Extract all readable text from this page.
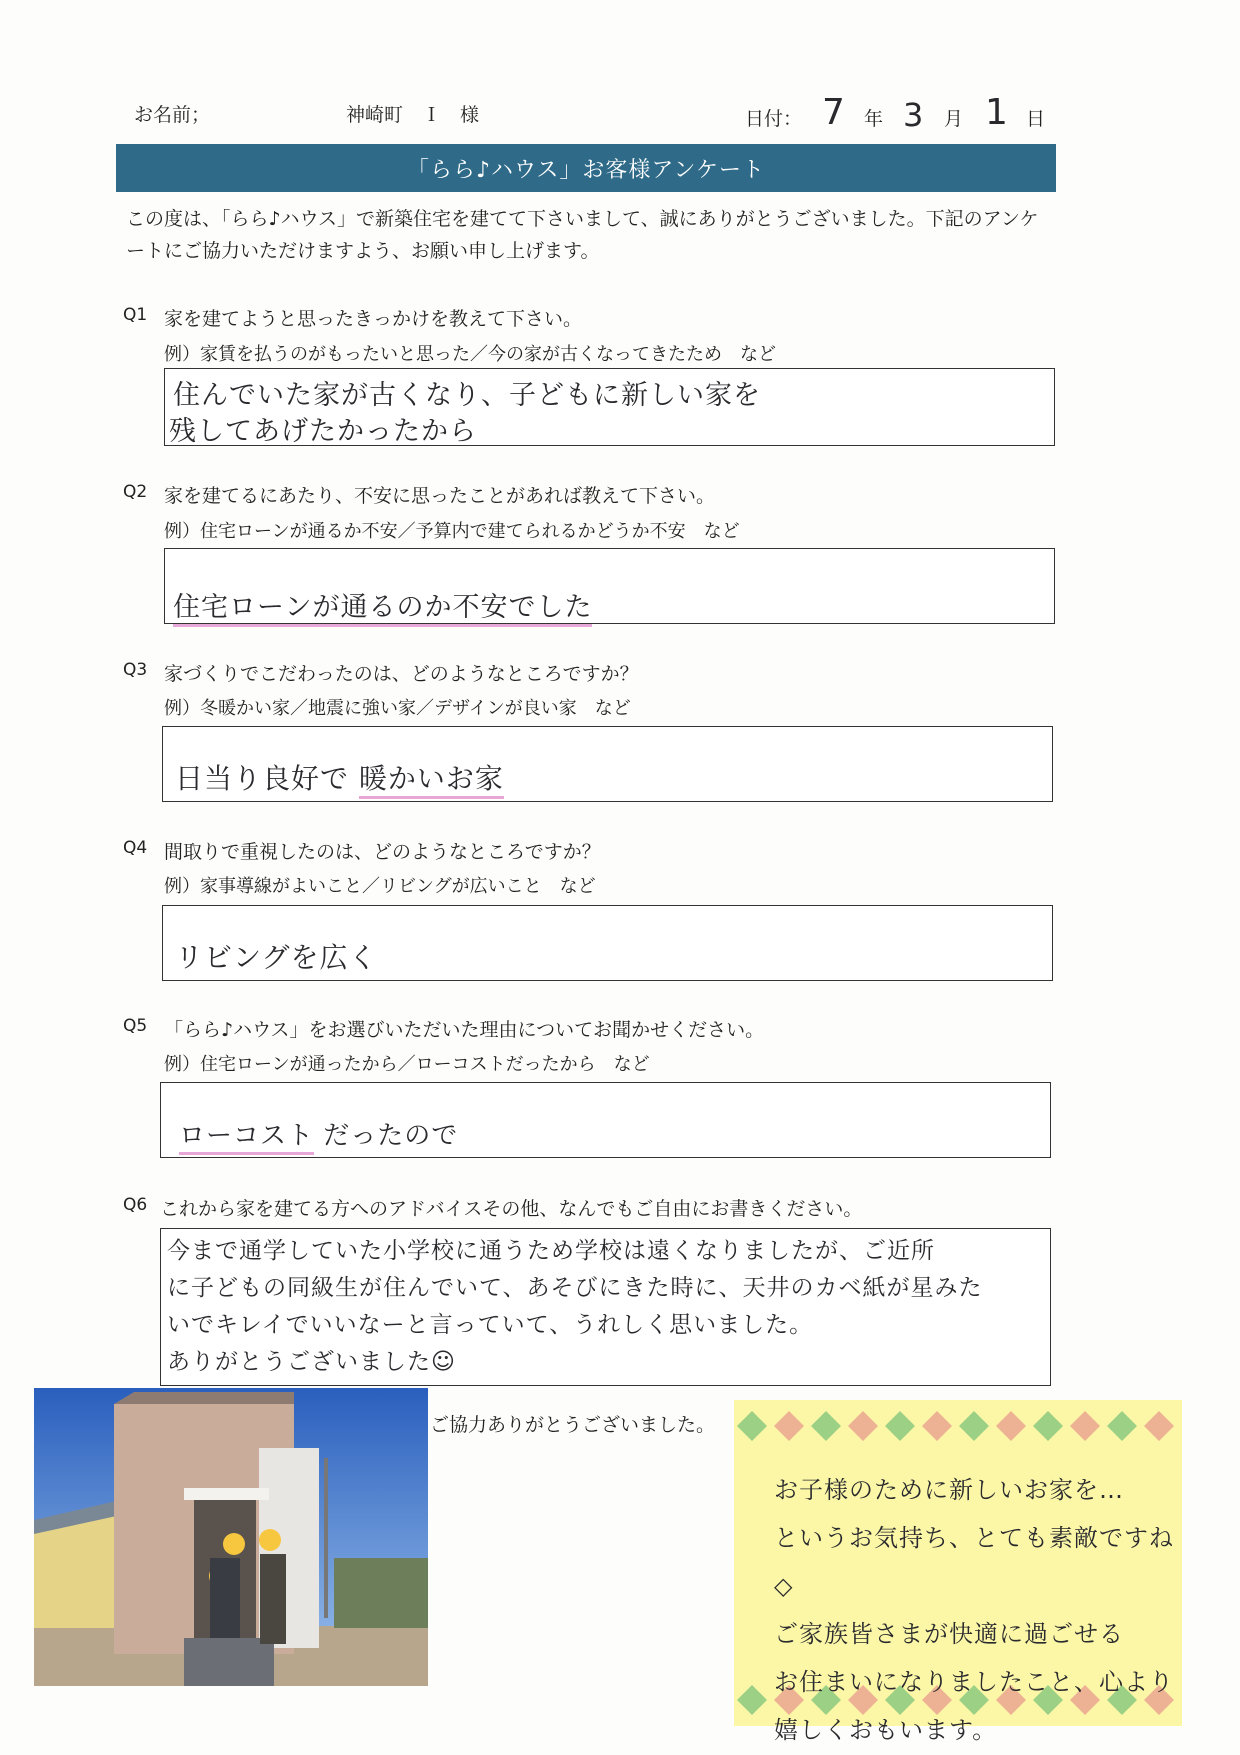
お名前；	神崎町　Ｉ　様	日付： 7 年 3 月 1 日
「らら♪ハウス」お客様アンケート
この度は、「らら♪ハウス」で新築住宅を建てて下さいまして、誠にありがとうございました。下記のアンケートにご協力いただけますよう、お願い申し上げます。
Q1 家を建てようと思ったきっかけを教えて下さい。
例）家賃を払うのがもったいと思った／今の家が古くなってきたため　など
住んでいた家が古くなり、子どもに新しい家を
残してあげたかったから
Q2 家を建てるにあたり、不安に思ったことがあれば教えて下さい。
例）住宅ローンが通るか不安／予算内で建てられるかどうか不安　など
住宅ローンが通るのか不安でした
Q3 家づくりでこだわったのは、どのようなところですか？
例）冬暖かい家／地震に強い家／デザインが良い家　など
日当り良好で 暖かいお家
Q4 間取りで重視したのは、どのようなところですか？
例）家事導線がよいこと／リビングが広いこと　など
リビングを広く
Q5 「らら♪ハウス」をお選びいただいた理由についてお聞かせください。
例）住宅ローンが通ったから／ローコストだったから　など
ローコスト だったので
Q6 これから家を建てる方へのアドバイスその他、なんでもご自由にお書きください。
今まで通学していた小学校に通うため学校は遠くなりましたが、ご近所
に子どもの同級生が住んでいて、あそびにきた時に、天井のカベ紙が星みた
いでキレイでいいなーと言っていて、うれしく思いました。
ありがとうございました☺
ご協力ありがとうございました。
お子様のために新しいお家を…
というお気持ち、とても素敵ですね◇
ご家族皆さまが快適に過ごせる
お住まいになりましたこと、心より
嬉しくおもいます。
